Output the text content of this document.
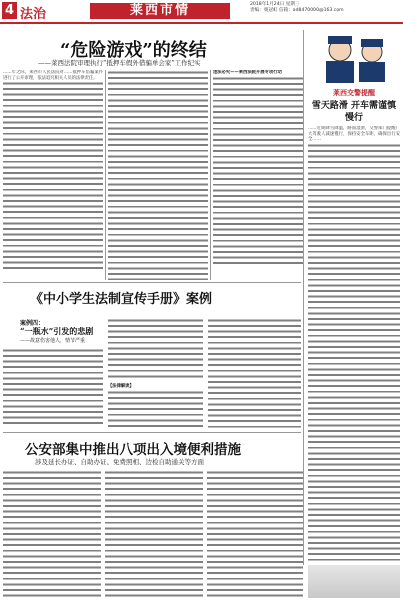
4 法治	莱西市情	2018年1月24日 星期三
责编：栗冠虹 信箱：ad8470000@163.com
“危险游戏”的终结
——莱西法院审理执行“抵押车假外借骗单会家”工作纪实
……年之际，莱西市人民法院对……抵押车借骗案件进行了公开审理，依法追究相关人员的法律责任。
违法必究——莱西法院开展专项行动
莱西交警提醒
雪天路滑 开车需谨慎慢行
……近期降雪降温，路面湿滑，交警部门提醒广大驾驶人减速慢行，保持安全车距，确保出行安全……
《中小学生法制宣传手册》案例
案例四：
“一瓶水”引发的悲剧
——故意伤害他人，情节严重
【法律解读】
公安部集中推出八项出入境便利措施
涉及延长办证、自助办证、免费照相、边检自助通关等方面
